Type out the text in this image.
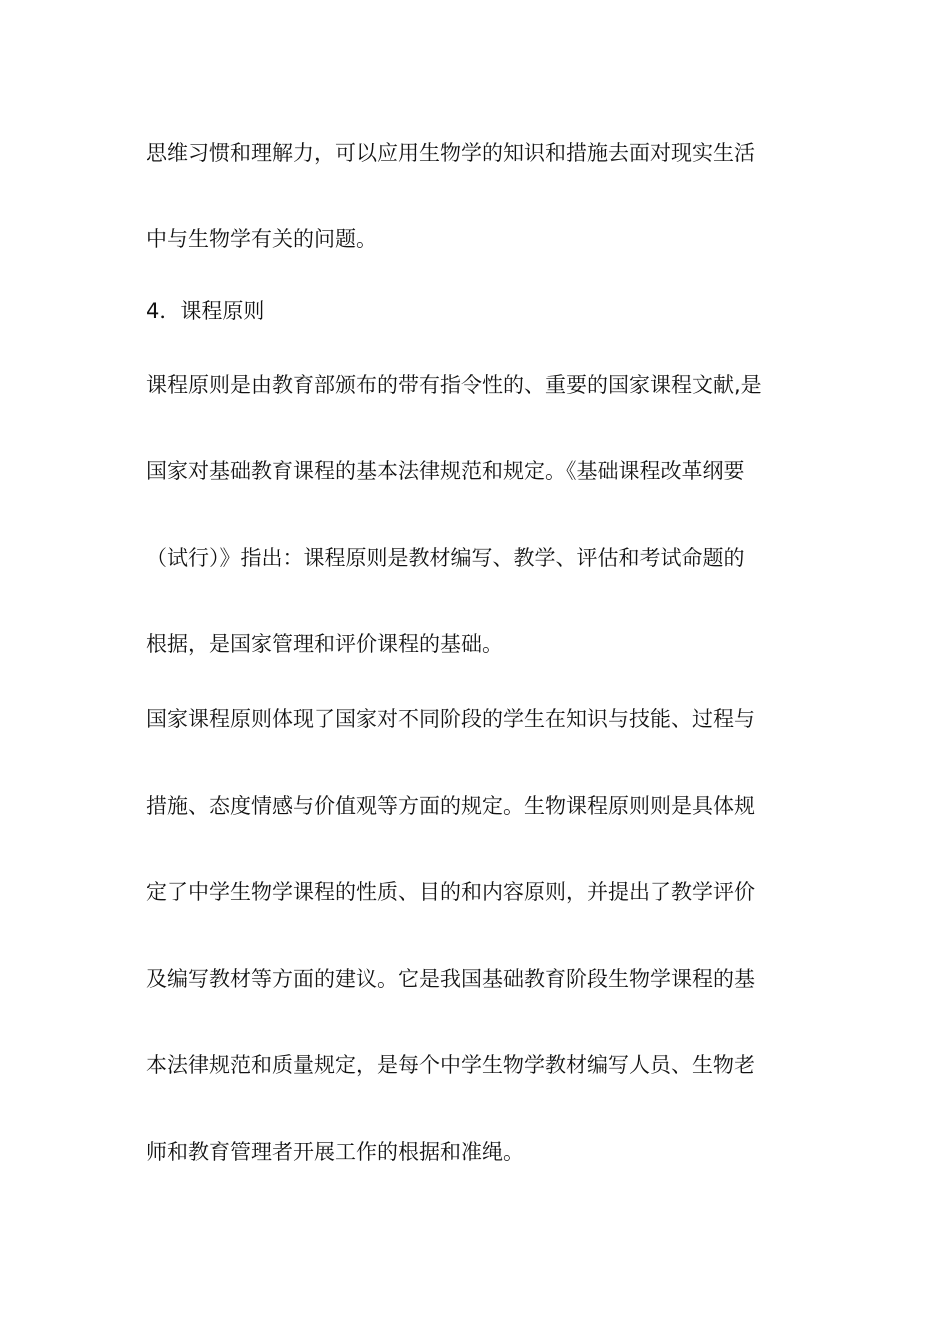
思维习惯和理解力，可以应用生物学的知识和措施去面对现实生活
中与生物学有关的问题。
4．课程原则
课程原则是由教育部颁布的带有指令性的、重要的国家课程文献,是
国家对基础教育课程的基本法律规范和规定。《基础课程改革纲要
（试行）》指出：课程原则是教材编写、教学、评估和考试命题的
根据，是国家管理和评价课程的基础。
国家课程原则体现了国家对不同阶段的学生在知识与技能、过程与
措施、态度情感与价值观等方面的规定。生物课程原则则是具体规
定了中学生物学课程的性质、目的和内容原则，并提出了教学评价
及编写教材等方面的建议。它是我国基础教育阶段生物学课程的基
本法律规范和质量规定，是每个中学生物学教材编写人员、生物老
师和教育管理者开展工作的根据和准绳。
